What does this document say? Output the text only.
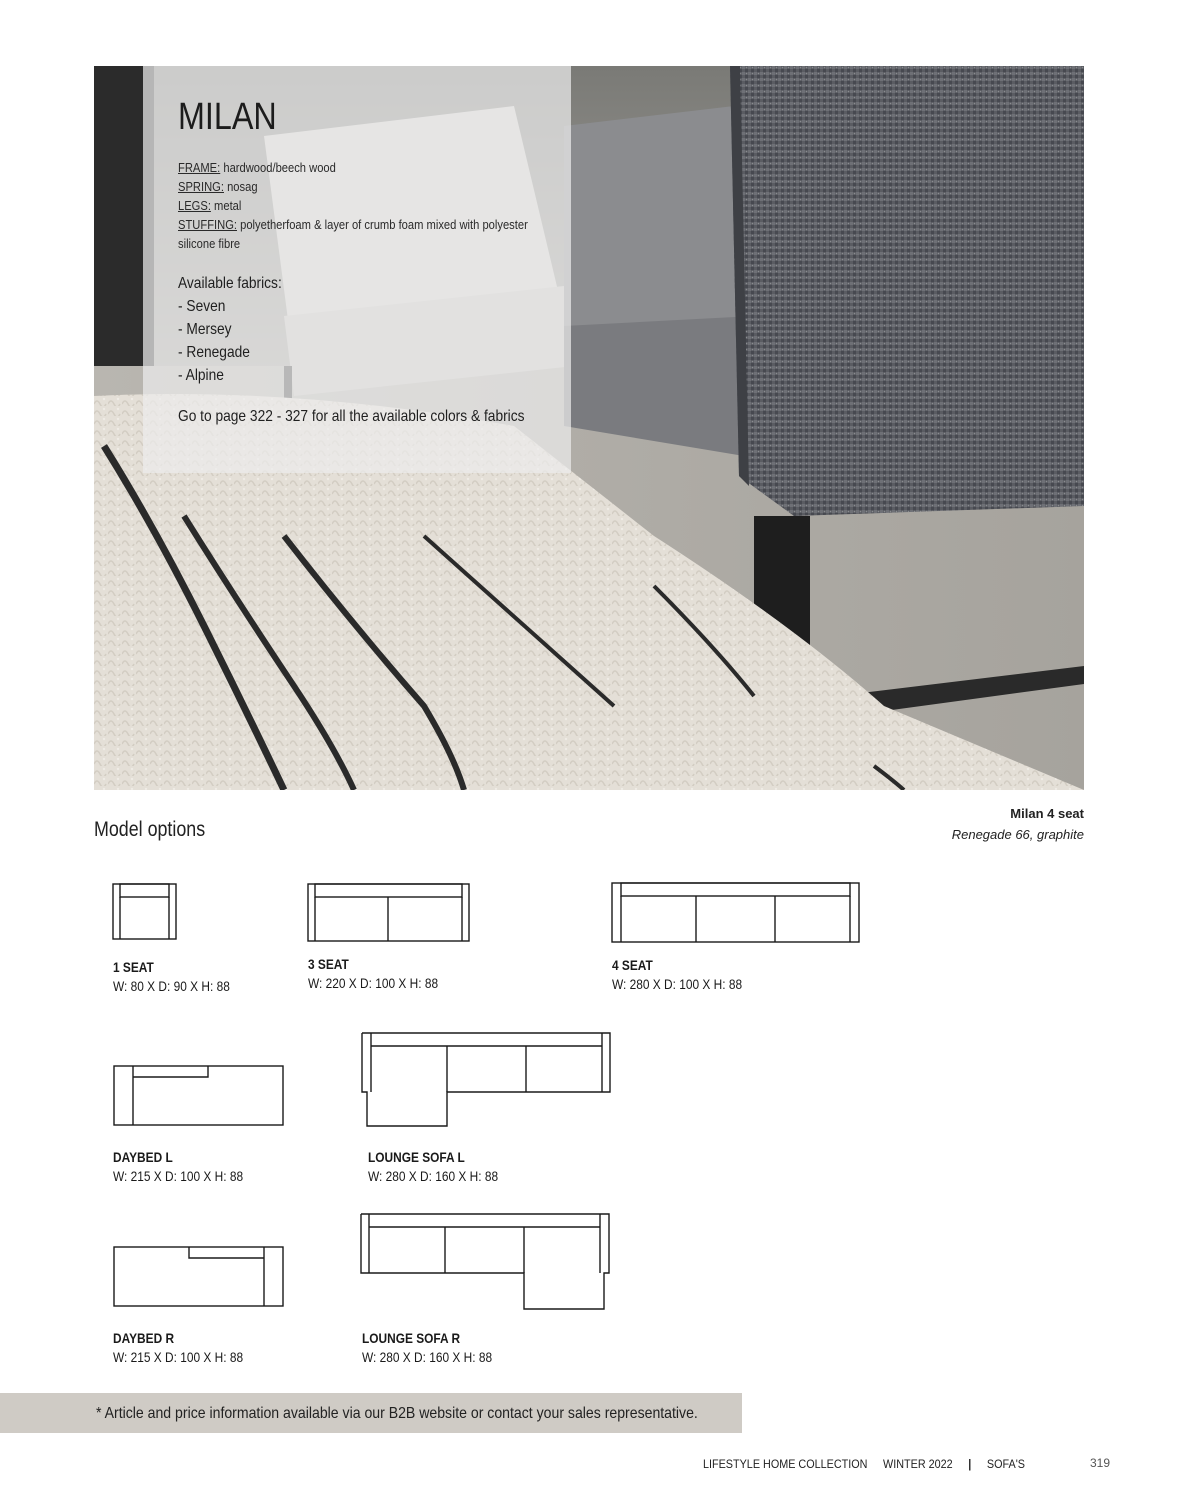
MILAN
FRAME: hardwood/beech wood
SPRING: nosag
LEGS: metal
STUFFING: polyetherfoam & layer of crumb foam mixed with polyester
silicone fibre
Available fabrics:
- Seven
- Mersey
- Renegade
- Alpine
Go to page 322 - 327 for all the available colors & fabrics
Milan 4 seat
Renegade 66, graphite
Model options
1 SEAT
W: 80 X D: 90 X H: 88
3 SEAT
W: 220 X D: 100 X H: 88
4 SEAT
W: 280 X D: 100 X H: 88
DAYBED L
W: 215 X D: 100 X H: 88
LOUNGE SOFA L
W: 280 X D: 160 X H: 88
DAYBED R
W: 215 X D: 100 X H: 88
LOUNGE SOFA R
W: 280 X D: 160 X H: 88
* Article and price information available via our B2B website or contact your sales representative.
LIFESTYLE HOME COLLECTION WINTER 2022 | SOFA'S	319
